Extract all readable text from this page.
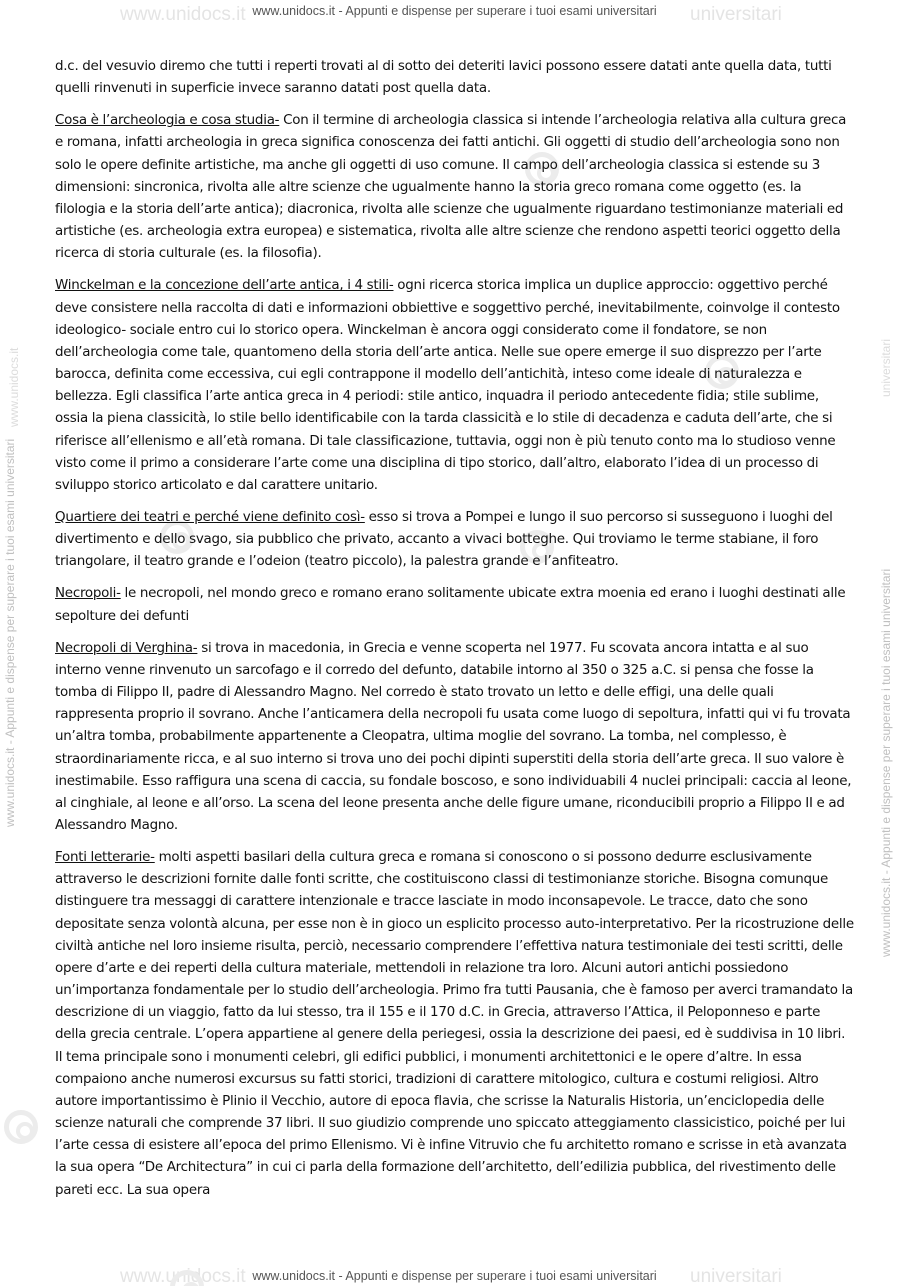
www.unidocs.it	universitari
www.unidocs.it	universitari
www.unidocs.it - Appunti e dispense per superare i tuoi esami universitari
www.unidocs.it - Appunti e dispense per superare i tuoi esami universitari
www.unidocs.it
www.unidocs.it - Appunti e dispense per superare i tuoi esami universitari
universitari

d.c. del vesuvio diremo che tutti i reperti trovati al di sotto dei deteriti lavici possono essere datati ante quella data, tutti quelli rinvenuti in superficie invece saranno datati post quella data.

Cosa è l’archeologia e cosa studia- Con il termine di archeologia classica si intende l’archeologia relativa alla cultura greca e romana, infatti archeologia in greca significa conoscenza dei fatti antichi. Gli oggetti di studio dell’archeologia sono non solo le opere definite artistiche, ma anche gli oggetti di uso comune. Il campo dell’archeologia classica si estende su 3 dimensioni: sincronica, rivolta alle altre scienze che ugualmente hanno la storia greco romana come oggetto (es. la filologia e la storia dell’arte antica); diacronica, rivolta alle scienze che ugualmente riguardano testimonianze materiali ed artistiche (es. archeologia extra europea) e sistematica, rivolta alle altre scienze che rendono aspetti teorici oggetto della ricerca di storia culturale (es. la filosofia).

Winckelman e la concezione dell’arte antica, i 4 stili- ogni ricerca storica implica un duplice approccio: oggettivo perché deve consistere nella raccolta di dati e informazioni obbiettive e soggettivo perché, inevitabilmente, coinvolge il contesto ideologico- sociale entro cui lo storico opera. Winckelman è ancora oggi considerato come il fondatore, se non dell’archeologia come tale, quantomeno della storia dell’arte antica. Nelle sue opere emerge il suo disprezzo per l’arte barocca, definita come eccessiva, cui egli contrappone il modello dell’antichità, inteso come ideale di naturalezza e bellezza. Egli classifica l’arte antica greca in 4 periodi: stile antico, inquadra il periodo antecedente fidia; stile sublime, ossia la piena classicità, lo stile bello identificabile con la tarda classicità e lo stile di decadenza e caduta dell’arte, che si riferisce all’ellenismo e all’età romana. Di tale classificazione, tuttavia, oggi non è più tenuto conto ma lo studioso venne visto come il primo a considerare l’arte come una disciplina di tipo storico, dall’altro, elaborato l’idea di un processo di sviluppo storico articolato e dal carattere unitario.

Quartiere dei teatri e perché viene definito così- esso si trova a Pompei e lungo il suo percorso si susseguono i luoghi del divertimento e dello svago, sia pubblico che privato, accanto a vivaci botteghe. Qui troviamo le terme stabiane, il foro triangolare, il teatro grande e l’odeion (teatro piccolo), la palestra grande e l’anfiteatro.

Necropoli- le necropoli, nel mondo greco e romano erano solitamente ubicate extra moenia ed erano i luoghi destinati alle sepolture dei defunti

Necropoli di Verghina- si trova in macedonia, in Grecia e venne scoperta nel 1977. Fu scovata ancora intatta e al suo interno venne rinvenuto un sarcofago e il corredo del defunto, databile intorno al 350 o 325 a.C. si pensa che fosse la tomba di Filippo II, padre di Alessandro Magno. Nel corredo è stato trovato un letto e delle effigi, una delle quali rappresenta proprio il sovrano. Anche l’anticamera della necropoli fu usata come luogo di sepoltura, infatti qui vi fu trovata un’altra tomba, probabilmente appartenente a Cleopatra, ultima moglie del sovrano. La tomba, nel complesso, è straordinariamente ricca, e al suo interno si trova uno dei pochi dipinti superstiti della storia dell’arte greca. Il suo valore è inestimabile. Esso raffigura una scena di caccia, su fondale boscoso, e sono individuabili 4 nuclei principali: caccia al leone, al cinghiale, al leone e all’orso. La scena del leone presenta anche delle figure umane, riconducibili proprio a Filippo II e ad Alessandro Magno.

Fonti letterarie- molti aspetti basilari della cultura greca e romana si conoscono o si possono dedurre esclusivamente attraverso le descrizioni fornite dalle fonti scritte, che costituiscono classi di testimonianze storiche. Bisogna comunque distinguere tra messaggi di carattere intenzionale e tracce lasciate in modo inconsapevole. Le tracce, dato che sono depositate senza volontà alcuna, per esse non è in gioco un esplicito processo auto-interpretativo. Per la ricostruzione delle civiltà antiche nel loro insieme risulta, perciò, necessario comprendere l’effettiva natura testimoniale dei testi scritti, delle opere d’arte e dei reperti della cultura materiale, mettendoli in relazione tra loro. Alcuni autori antichi possiedono un’importanza fondamentale per lo studio dell’archeologia. Primo fra tutti Pausania, che è famoso per averci tramandato la descrizione di un viaggio, fatto da lui stesso, tra il 155 e il 170 d.C. in Grecia, attraverso l’Attica, il Peloponneso e parte della grecia centrale. L’opera appartiene al genere della periegesi, ossia la descrizione dei paesi, ed è suddivisa in 10 libri. Il tema principale sono i monumenti celebri, gli edifici pubblici, i monumenti architettonici e le opere d’altre. In essa compaiono anche numerosi excursus su fatti storici, tradizioni di carattere mitologico, cultura e costumi religiosi. Altro autore importantissimo è Plinio il Vecchio, autore di epoca flavia, che scrisse la Naturalis Historia, un’enciclopedia delle scienze naturali che comprende 37 libri. Il suo giudizio comprende uno spiccato atteggiamento classicistico, poiché per lui l’arte cessa di esistere all’epoca del primo Ellenismo. Vi è infine Vitruvio che fu architetto romano e scrisse in età avanzata la sua opera “De Architectura” in cui ci parla della formazione dell’architetto, dell’edilizia pubblica, del rivestimento delle pareti ecc. La sua opera

www.unidocs.it - Appunti e dispense per superare i tuoi esami universitari
